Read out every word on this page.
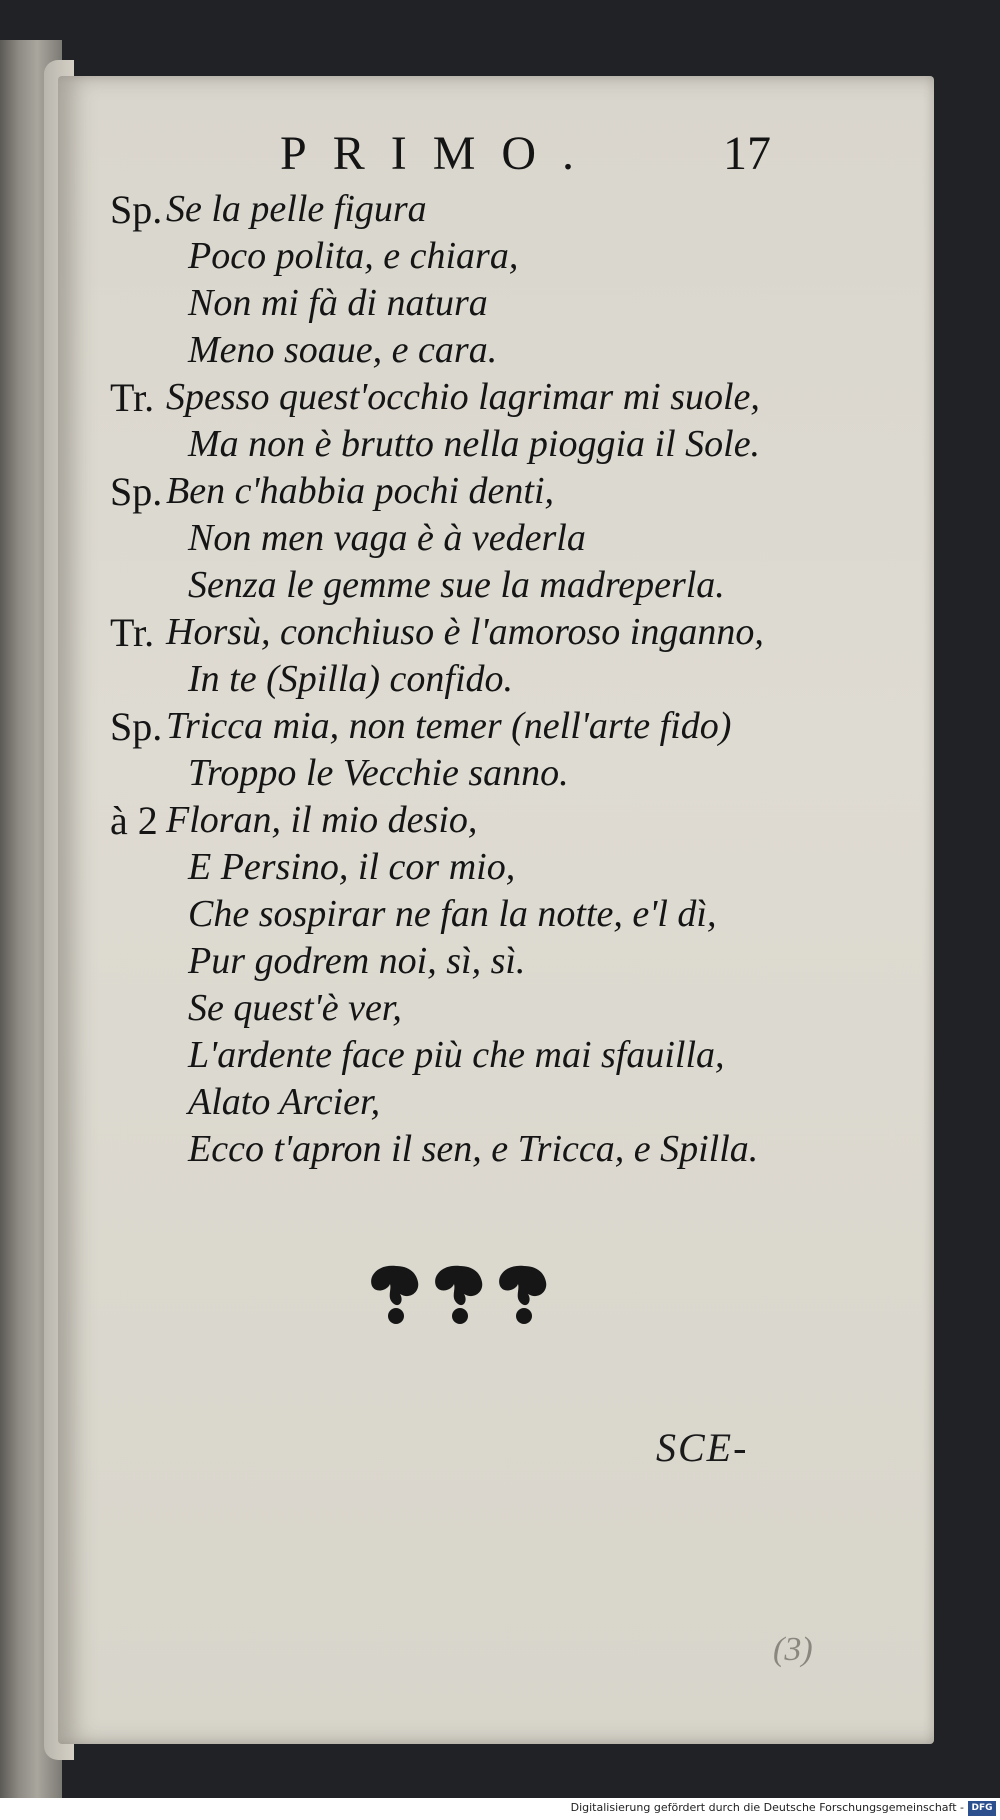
PRIMO.	17
Sp. Se la pelle figura
Poco polita, e chiara,
Non mi fà di natura
Meno soaue, e cara.
Tr. Spesso quest'occhio lagrimar mi suole,
Ma non è brutto nella pioggia il Sole.
Sp. Ben c'habbia pochi denti,
Non men vaga è à vederla
Senza le gemme sue la madreperla.
Tr. Horsù, conchiuso è l'amoroso inganno,
In te (Spilla) confido.
Sp. Tricca mia, non temer (nell'arte fido)
Troppo le Vecchie sanno.
à 2 Floran, il mio desio,
E Persino, il cor mio,
Che sospirar ne fan la notte, e'l dì,
Pur godrem noi, sì, sì.
Se quest'è ver,
L'ardente face più che mai sfauilla,
Alato Arcier,
Ecco t'apron il sen, e Tricca, e Spilla.
SCE-
(3)
Digitalisierung gefördert durch die Deutsche Forschungsgemeinschaft - DFG
